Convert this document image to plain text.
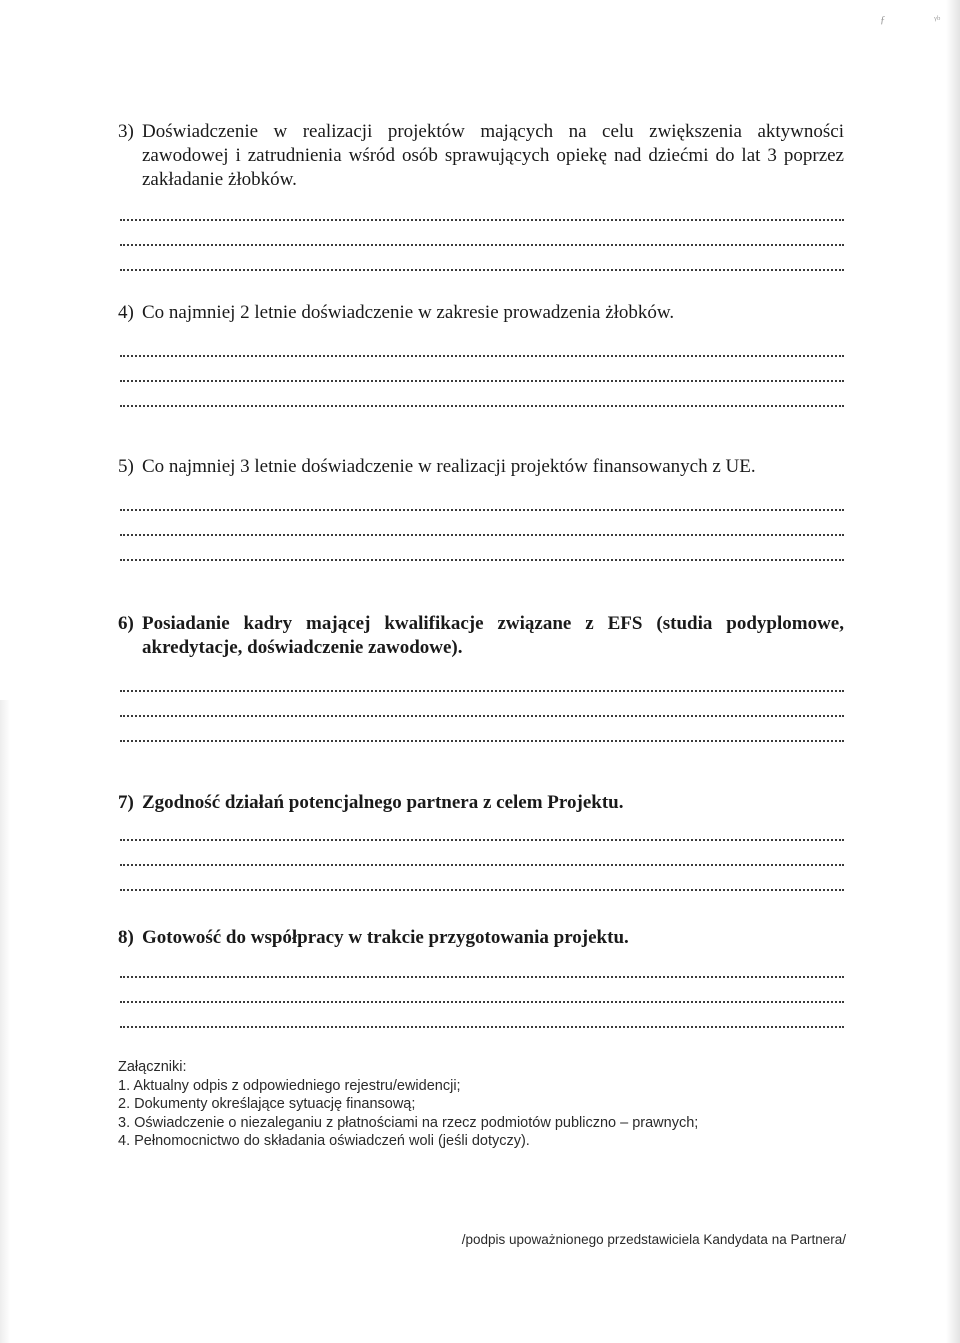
ƒ	ᵞᵇ

3) Doświadczenie w realizacji projektów mających na celu zwiększenia aktywności zawodowej i zatrudnienia wśród osób sprawujących opiekę nad dziećmi do lat 3 poprzez zakładanie żłobków.

4) Co najmniej 2 letnie doświadczenie w zakresie prowadzenia żłobków.

5) Co najmniej 3 letnie doświadczenie w realizacji projektów finansowanych z UE.

6) Posiadanie kadry mającej kwalifikacje związane z EFS (studia podyplomowe, akredytacje, doświadczenie zawodowe).

7) Zgodność działań potencjalnego partnera z celem Projektu.

8) Gotowość do współpracy w trakcie przygotowania projektu.

Załączniki:
1. Aktualny odpis z odpowiedniego rejestru/ewidencji;
2. Dokumenty określające sytuację finansową;
3. Oświadczenie o niezaleganiu z płatnościami na rzecz podmiotów publiczno – prawnych;
4. Pełnomocnictwo do składania oświadczeń woli (jeśli dotyczy).
/podpis upoważnionego przedstawiciela Kandydata na Partnera/
